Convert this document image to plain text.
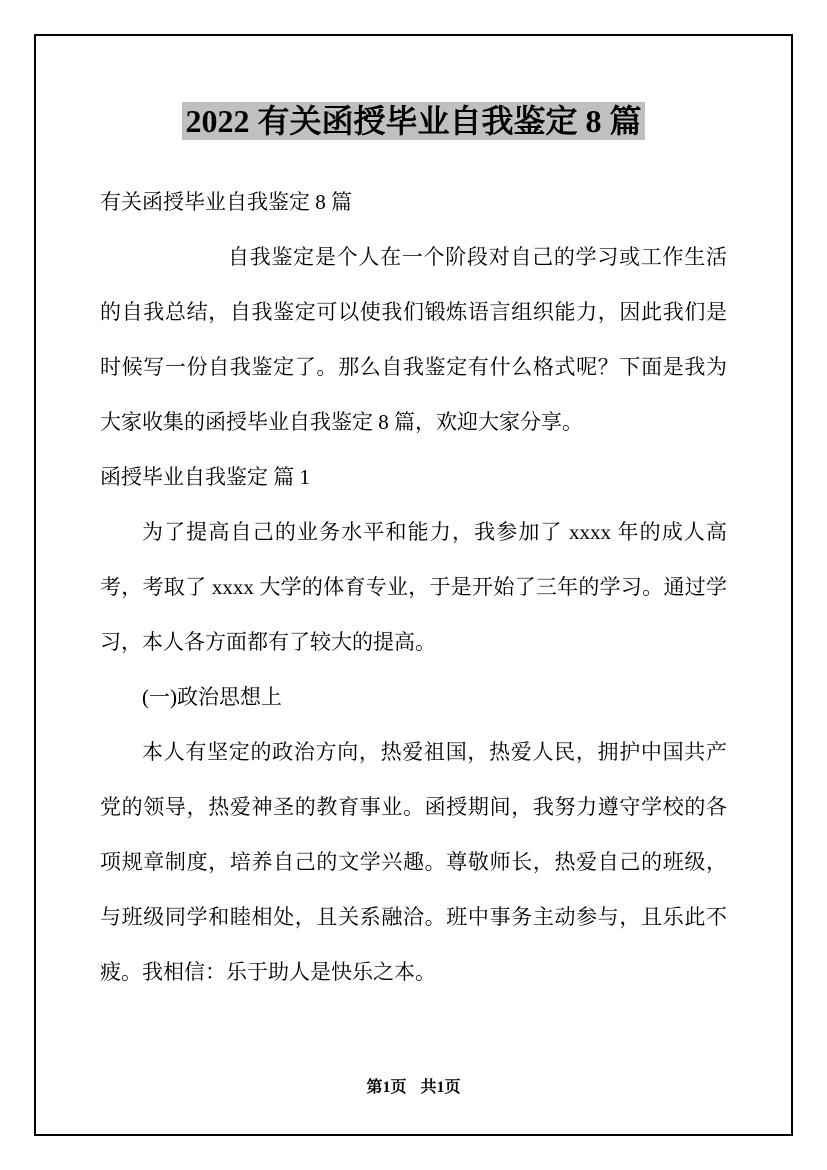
2022 有关函授毕业自我鉴定 8 篇

有关函授毕业自我鉴定 8 篇

自我鉴定是个人在一个阶段对自己的学习或工作生活的自我总结，自我鉴定可以使我们锻炼语言组织能力，因此我们是时候写一份自我鉴定了。那么自我鉴定有什么格式呢？下面是我为大家收集的函授毕业自我鉴定 8 篇，欢迎大家分享。

函授毕业自我鉴定 篇 1

为了提高自己的业务水平和能力，我参加了 xxxx 年的成人高考，考取了 xxxx 大学的体育专业，于是开始了三年的学习。通过学习，本人各方面都有了较大的提高。

(一)政治思想上

本人有坚定的政治方向，热爱祖国，热爱人民，拥护中国共产党的领导，热爱神圣的教育事业。函授期间，我努力遵守学校的各项规章制度，培养自己的文学兴趣。尊敬师长，热爱自己的班级，与班级同学和睦相处，且关系融洽。班中事务主动参与，且乐此不疲。我相信：乐于助人是快乐之本。

第1页 共1页
